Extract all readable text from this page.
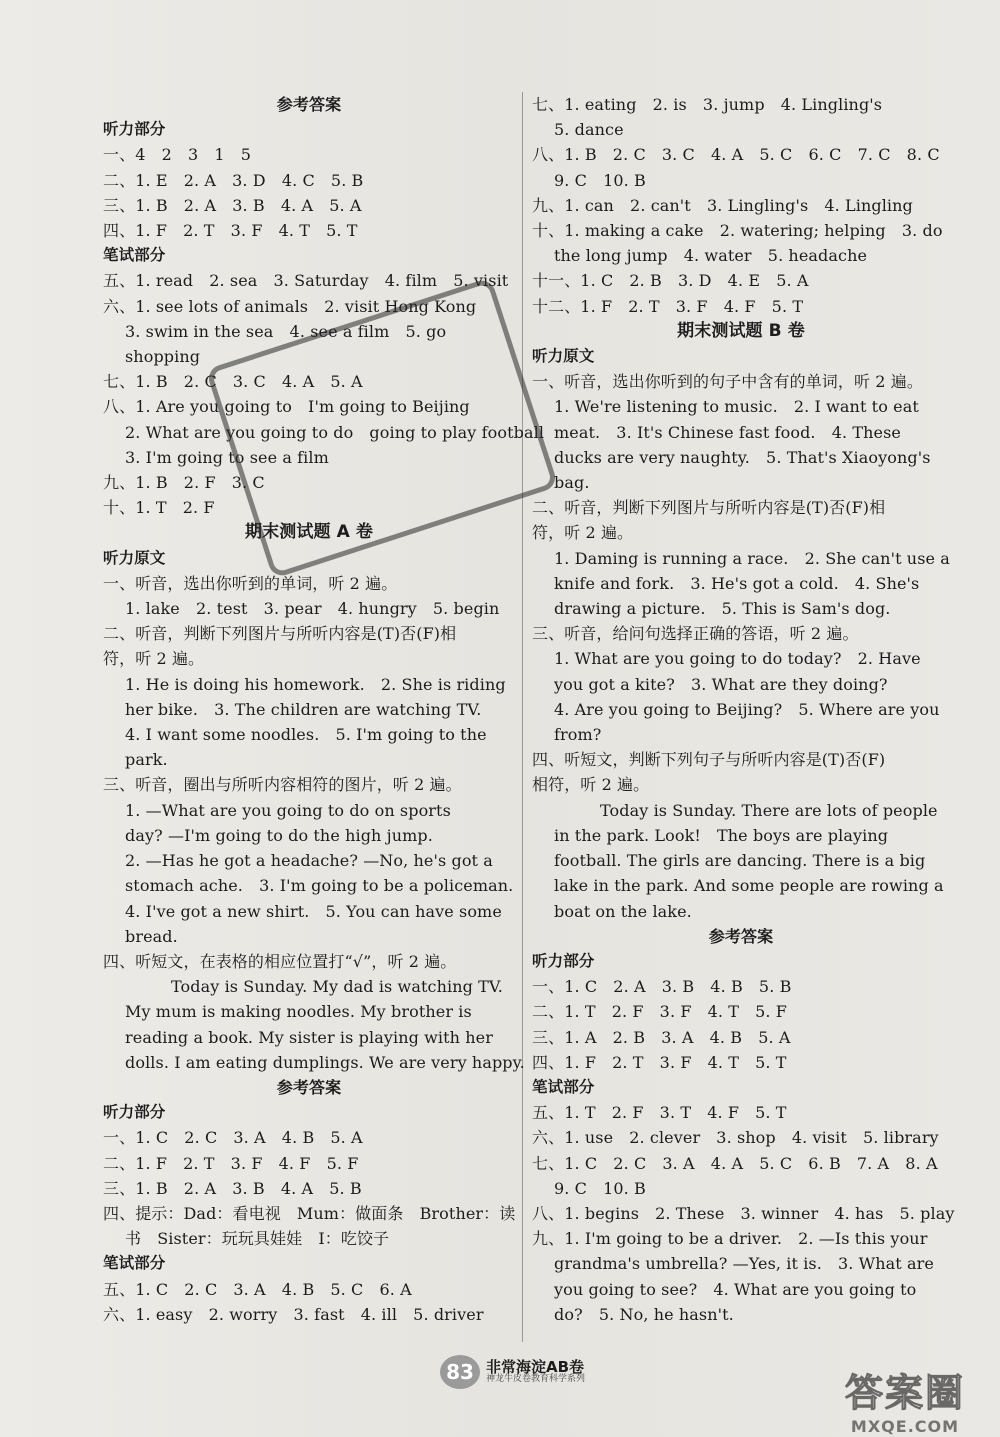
参考答案
听力部分
一、4　2　3　1　5
二、1. E　2. A　3. D　4. C　5. B
三、1. B　2. A　3. B　4. A　5. A
四、1. F　2. T　3. F　4. T　5. T
笔试部分
五、1. read　2. sea　3. Saturday　4. film　5. visit
六、1. see lots of animals　2. visit Hong Kong
3. swim in the sea　4. see a film　5. go
shopping
七、1. B　2. C　3. C　4. A　5. A
八、1. Are you going to　I'm going to Beijing
2. What are you going to do　going to play football
3. I'm going to see a film
九、1. B　2. F　3. C
十、1. T　2. F
期末测试题 A 卷
听力原文
一、听音，选出你听到的单词，听 2 遍。
1. lake　2. test　3. pear　4. hungry　5. begin
二、听音，判断下列图片与所听内容是(T)否(F)相
符，听 2 遍。
1. He is doing his homework.　2. She is riding
her bike.　3. The children are watching TV.
4. I want some noodles.　5. I'm going to the
park.
三、听音，圈出与所听内容相符的图片，听 2 遍。
1. —What are you going to do on sports
day? —I'm going to do the high jump.
2. —Has he got a headache? —No, he's got a
stomach ache.　3. I'm going to be a policeman.
4. I've got a new shirt.　5. You can have some
bread.
四、听短文，在表格的相应位置打“√”，听 2 遍。
Today is Sunday. My dad is watching TV.
My mum is making noodles. My brother is
reading a book. My sister is playing with her
dolls. I am eating dumplings. We are very happy.
参考答案
听力部分
一、1. C　2. C　3. A　4. B　5. A
二、1. F　2. T　3. F　4. F　5. F
三、1. B　2. A　3. B　4. A　5. B
四、提示：Dad：看电视　Mum：做面条　Brother：读
书　Sister：玩玩具娃娃　I：吃饺子
笔试部分
五、1. C　2. C　3. A　4. B　5. C　6. A
六、1. easy　2. worry　3. fast　4. ill　5. driver
七、1. eating　2. is　3. jump　4. Lingling's
5. dance
八、1. B　2. C　3. C　4. A　5. C　6. C　7. C　8. C
9. C　10. B
九、1. can　2. can't　3. Lingling's　4. Lingling
十、1. making a cake　2. watering; helping　3. do
the long jump　4. water　5. headache
十一、1. C　2. B　3. D　4. E　5. A
十二、1. F　2. T　3. F　4. F　5. T
期末测试题 B 卷
听力原文
一、听音，选出你听到的句子中含有的单词，听 2 遍。
1. We're listening to music.　2. I want to eat
meat.　3. It's Chinese fast food.　4. These
ducks are very naughty.　5. That's Xiaoyong's
bag.
二、听音，判断下列图片与所听内容是(T)否(F)相
符，听 2 遍。
1. Daming is running a race.　2. She can't use a
knife and fork.　3. He's got a cold.　4. She's
drawing a picture.　5. This is Sam's dog.
三、听音，给问句选择正确的答语，听 2 遍。
1. What are you going to do today?　2. Have
you got a kite?　3. What are they doing?
4. Are you going to Beijing?　5. Where are you
from?
四、听短文，判断下列句子与所听内容是(T)否(F)
相符，听 2 遍。
Today is Sunday. There are lots of people
in the park. Look!　The boys are playing
football. The girls are dancing. There is a big
lake in the park. And some people are rowing a
boat on the lake.
参考答案
听力部分
一、1. C　2. A　3. B　4. B　5. B
二、1. T　2. F　3. F　4. T　5. F
三、1. A　2. B　3. A　4. B　5. A
四、1. F　2. T　3. F　4. T　5. T
笔试部分
五、1. T　2. F　3. T　4. F　5. T
六、1. use　2. clever　3. shop　4. visit　5. library
七、1. C　2. C　3. A　4. A　5. C　6. B　7. A　8. A
9. C　10. B
八、1. begins　2. These　3. winner　4. has　5. play
九、1. I'm going to be a driver.　2. —Is this your
grandma's umbrella? —Yes, it is.　3. What are
you going to see?　4. What are you going to
do?　5. No, he hasn't.
83 非常海淀AB卷
神龙牛皮卷教育科学系列	答案圈
MXQE.COM
